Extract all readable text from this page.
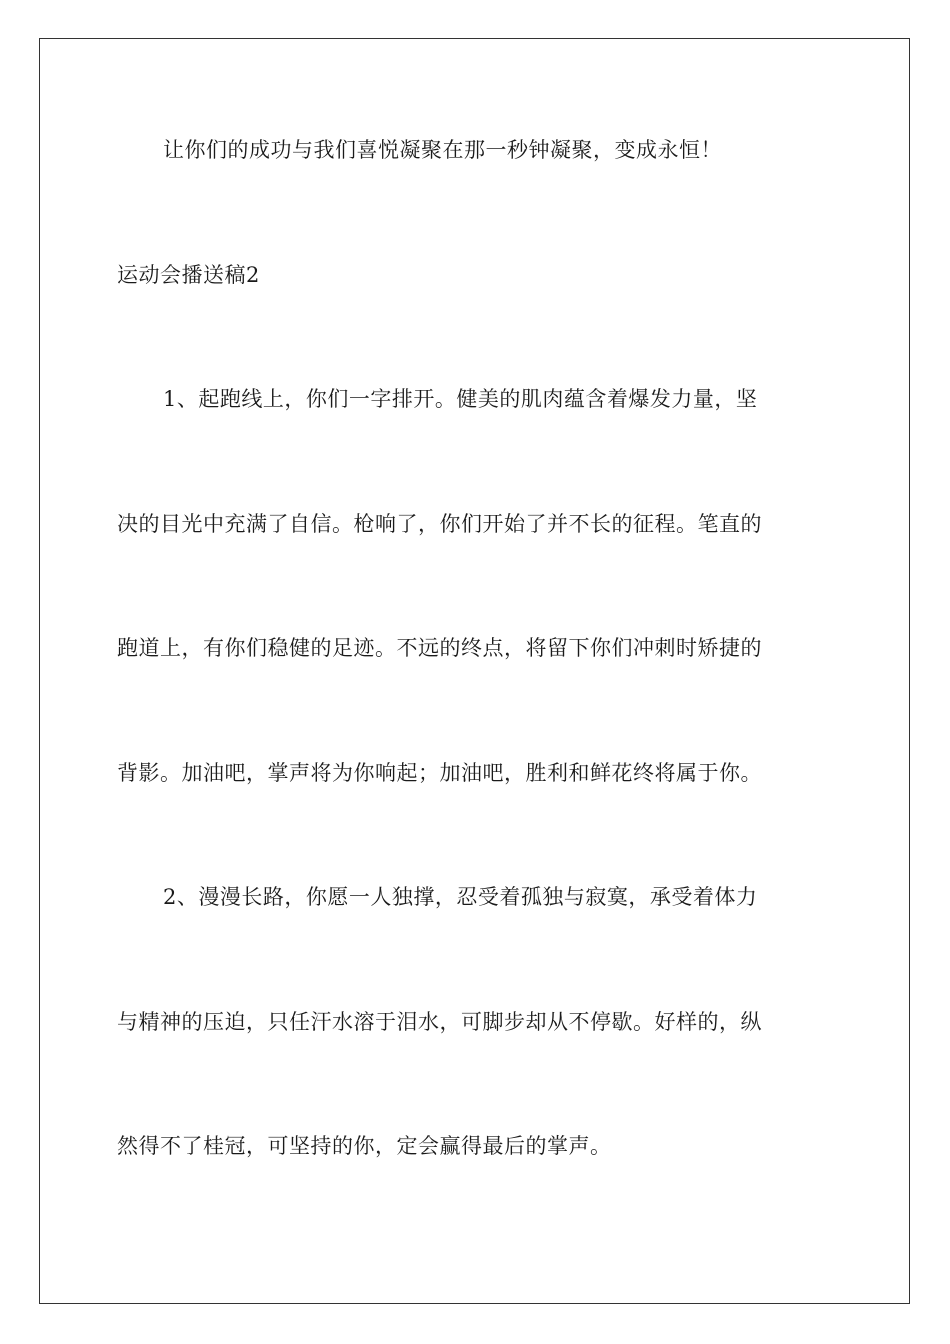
让你们的成功与我们喜悦凝聚在那一秒钟凝聚，变成永恒！
运动会播送稿2
1、起跑线上，你们一字排开。健美的肌肉蕴含着爆发力量，坚
决的目光中充满了自信。枪响了，你们开始了并不长的征程。笔直的
跑道上，有你们稳健的足迹。不远的终点，将留下你们冲刺时矫捷的
背影。加油吧，掌声将为你响起；加油吧，胜利和鲜花终将属于你。
2、漫漫长路，你愿一人独撑，忍受着孤独与寂寞，承受着体力
与精神的压迫，只任汗水溶于泪水，可脚步却从不停歇。好样的，纵
然得不了桂冠，可坚持的你，定会赢得最后的掌声。
